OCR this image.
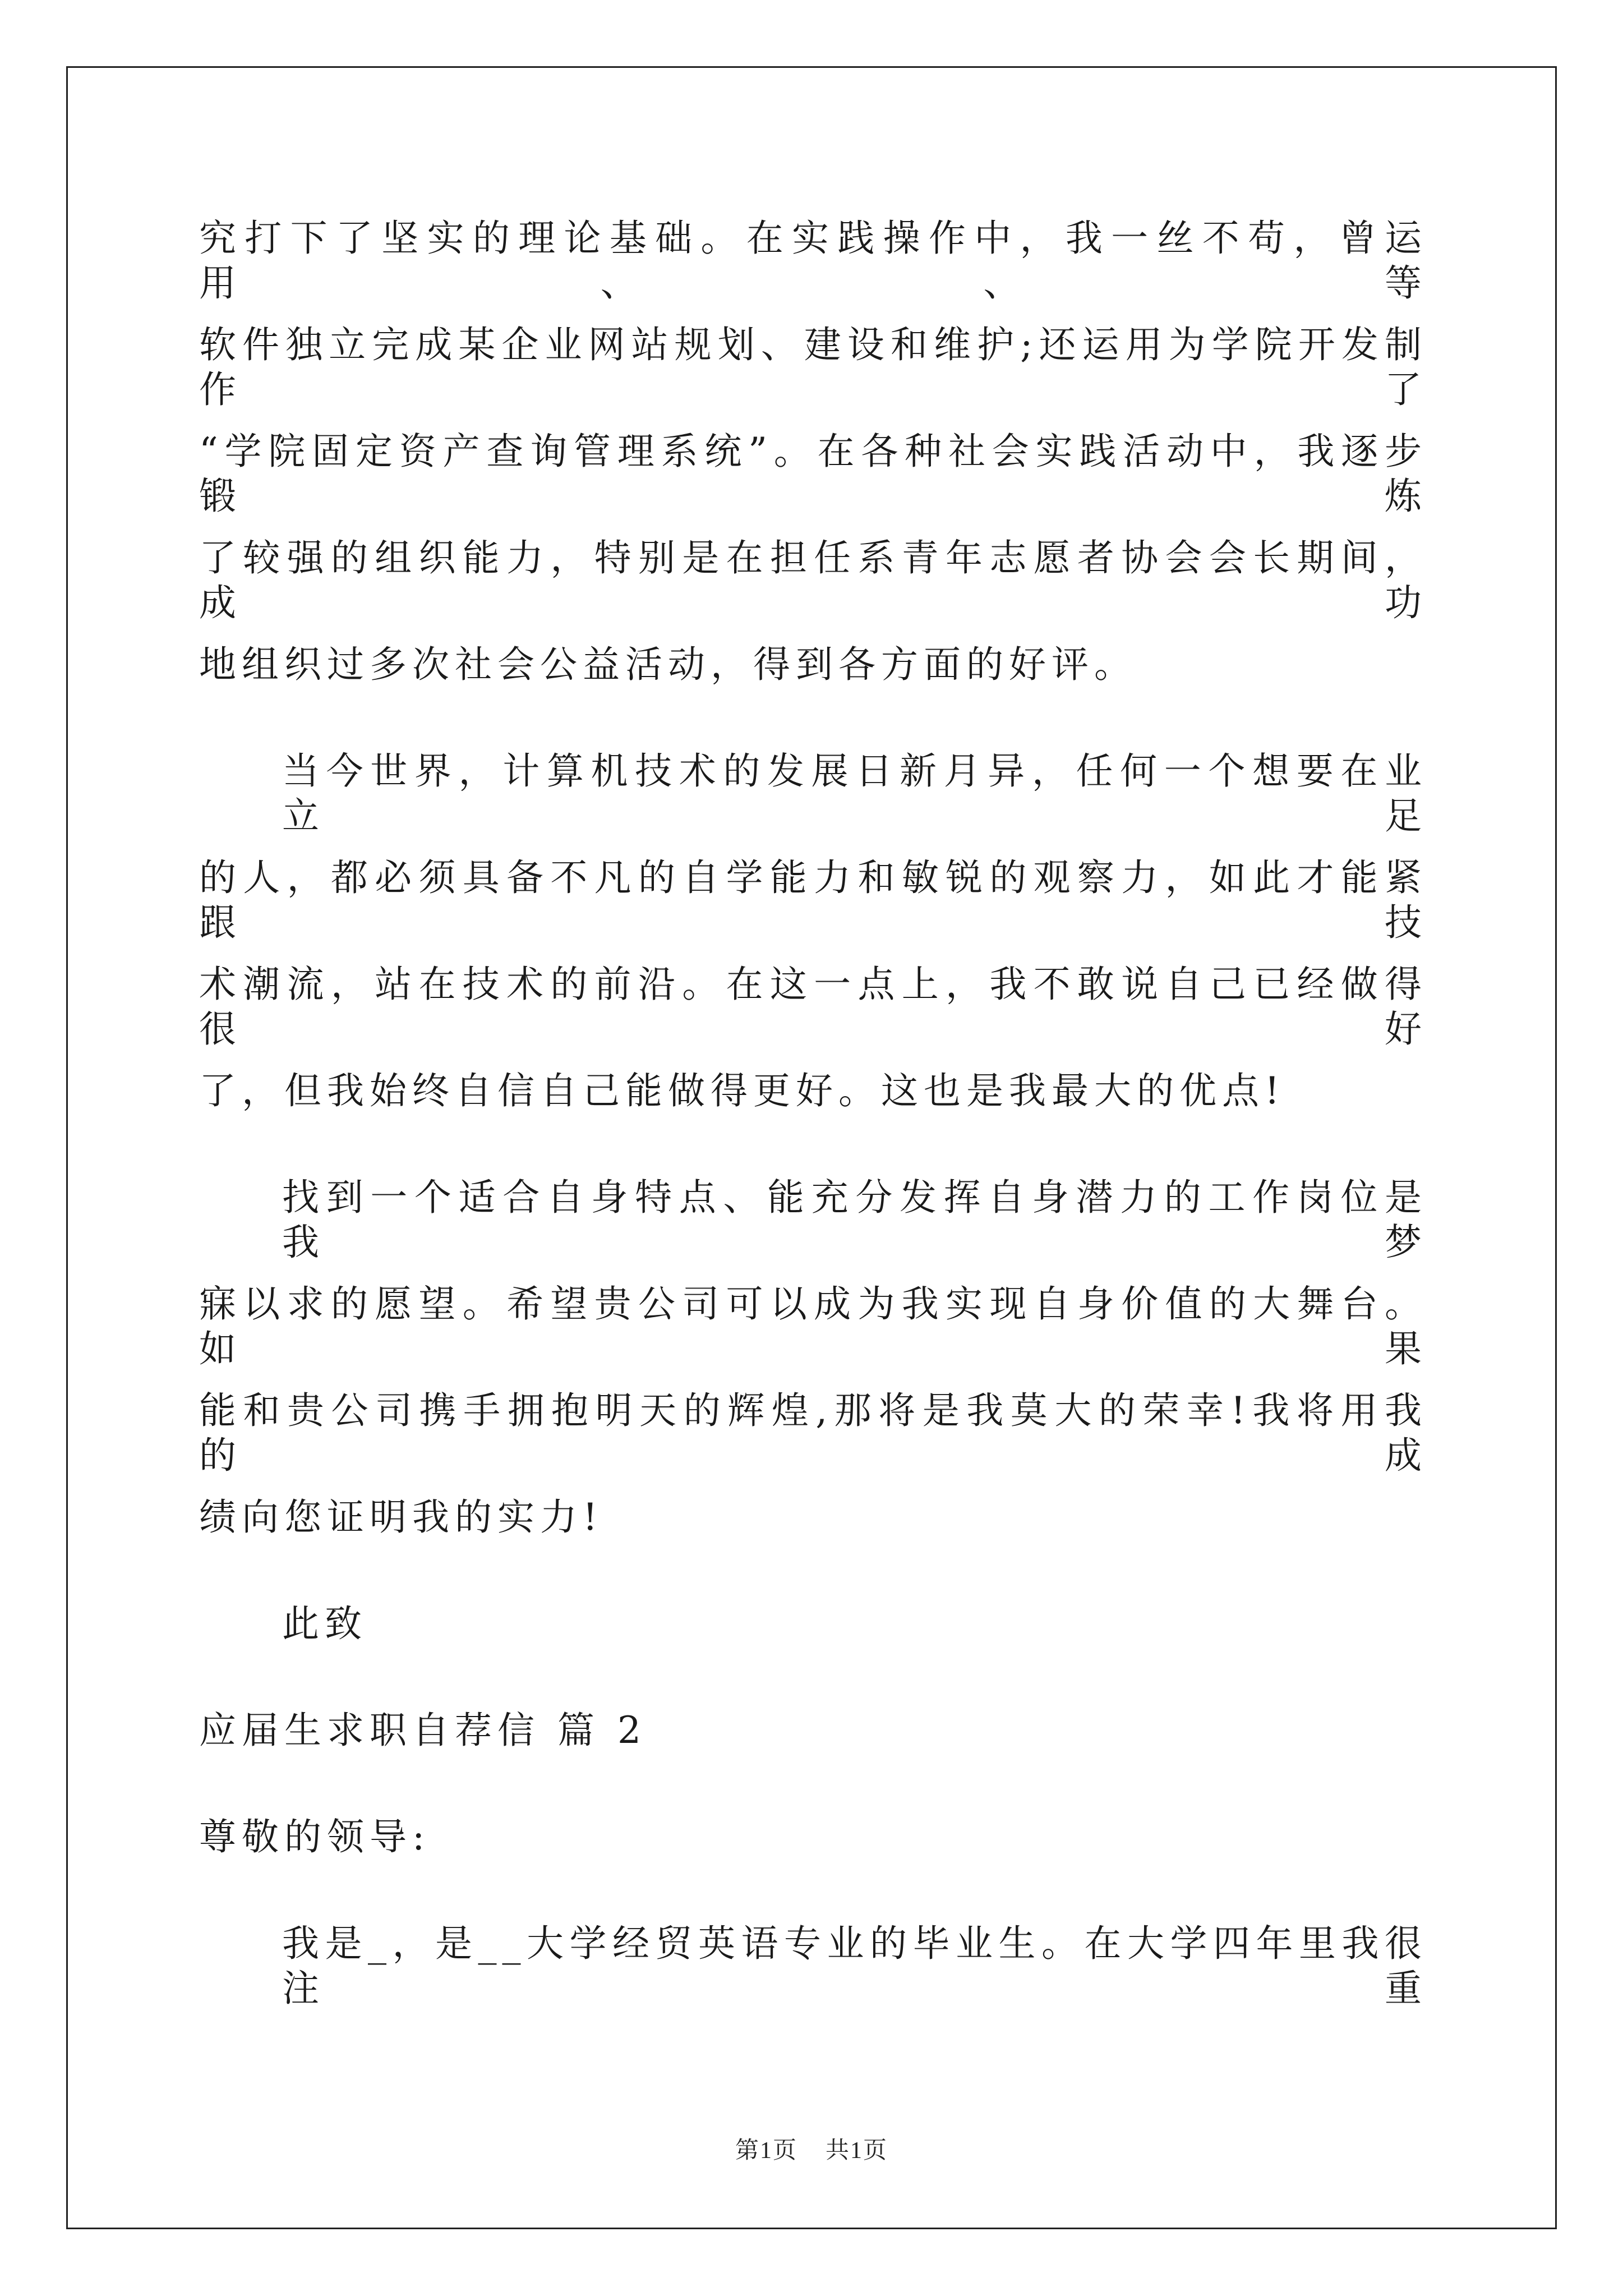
究打下了坚实的理论基础。在实践操作中，我一丝不苟，曾运用、、等
软件独立完成某企业网站规划、建设和维护;还运用为学院开发制作了
“学院固定资产查询管理系统”。在各种社会实践活动中，我逐步锻炼
了较强的组织能力，特别是在担任系青年志愿者协会会长期间，成功
地组织过多次社会公益活动，得到各方面的好评。
当今世界，计算机技术的发展日新月异，任何一个想要在业立足
的人，都必须具备不凡的自学能力和敏锐的观察力，如此才能紧跟技
术潮流，站在技术的前沿。在这一点上，我不敢说自己已经做得很好
了，但我始终自信自己能做得更好。这也是我最大的优点!
找到一个适合自身特点、能充分发挥自身潜力的工作岗位是我梦
寐以求的愿望。希望贵公司可以成为我实现自身价值的大舞台。如果
能和贵公司携手拥抱明天的辉煌,那将是我莫大的荣幸!我将用我的成
绩向您证明我的实力!
此致
应届生求职自荐信 篇 2
尊敬的领导:
我是_，是__大学经贸英语专业的毕业生。在大学四年里我很注重
第1页 共1页
